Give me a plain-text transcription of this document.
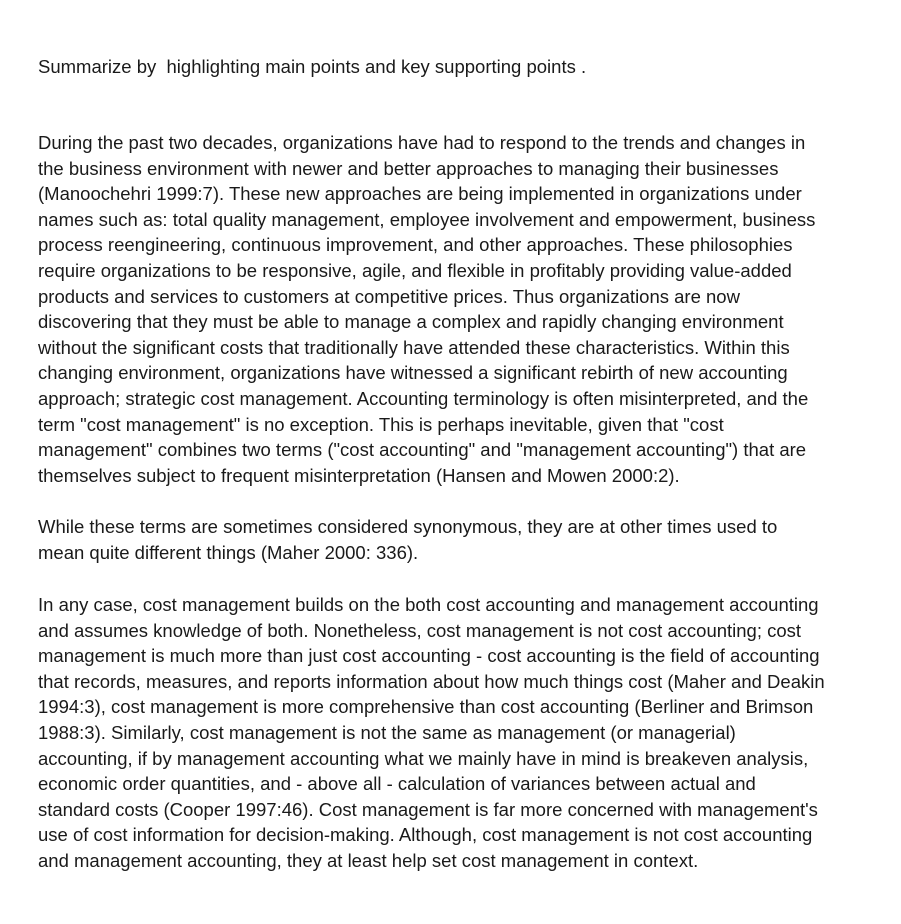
Summarize by  highlighting main points and key supporting points .

During the past two decades, organizations have had to respond to the trends and changes in
the business environment with newer and better approaches to managing their businesses
(Manoochehri 1999:7). These new approaches are being implemented in organizations under
names such as: total quality management, employee involvement and empowerment, business
process reengineering, continuous improvement, and other approaches. These philosophies
require organizations to be responsive, agile, and flexible in profitably providing value-added
products and services to customers at competitive prices. Thus organizations are now
discovering that they must be able to manage a complex and rapidly changing environment
without the significant costs that traditionally have attended these characteristics. Within this
changing environment, organizations have witnessed a significant rebirth of new accounting
approach; strategic cost management. Accounting terminology is often misinterpreted, and the
term "cost management" is no exception. This is perhaps inevitable, given that "cost
management" combines two terms ("cost accounting" and "management accounting") that are
themselves subject to frequent misinterpretation (Hansen and Mowen 2000:2).

While these terms are sometimes considered synonymous, they are at other times used to
mean quite different things (Maher 2000: 336).

In any case, cost management builds on the both cost accounting and management accounting
and assumes knowledge of both. Nonetheless, cost management is not cost accounting; cost
management is much more than just cost accounting - cost accounting is the field of accounting
that records, measures, and reports information about how much things cost (Maher and Deakin
1994:3), cost management is more comprehensive than cost accounting (Berliner and Brimson
1988:3). Similarly, cost management is not the same as management (or managerial)
accounting, if by management accounting what we mainly have in mind is breakeven analysis,
economic order quantities, and - above all - calculation of variances between actual and
standard costs (Cooper 1997:46). Cost management is far more concerned with management's
use of cost information for decision-making. Although, cost management is not cost accounting
and management accounting, they at least help set cost management in context.
